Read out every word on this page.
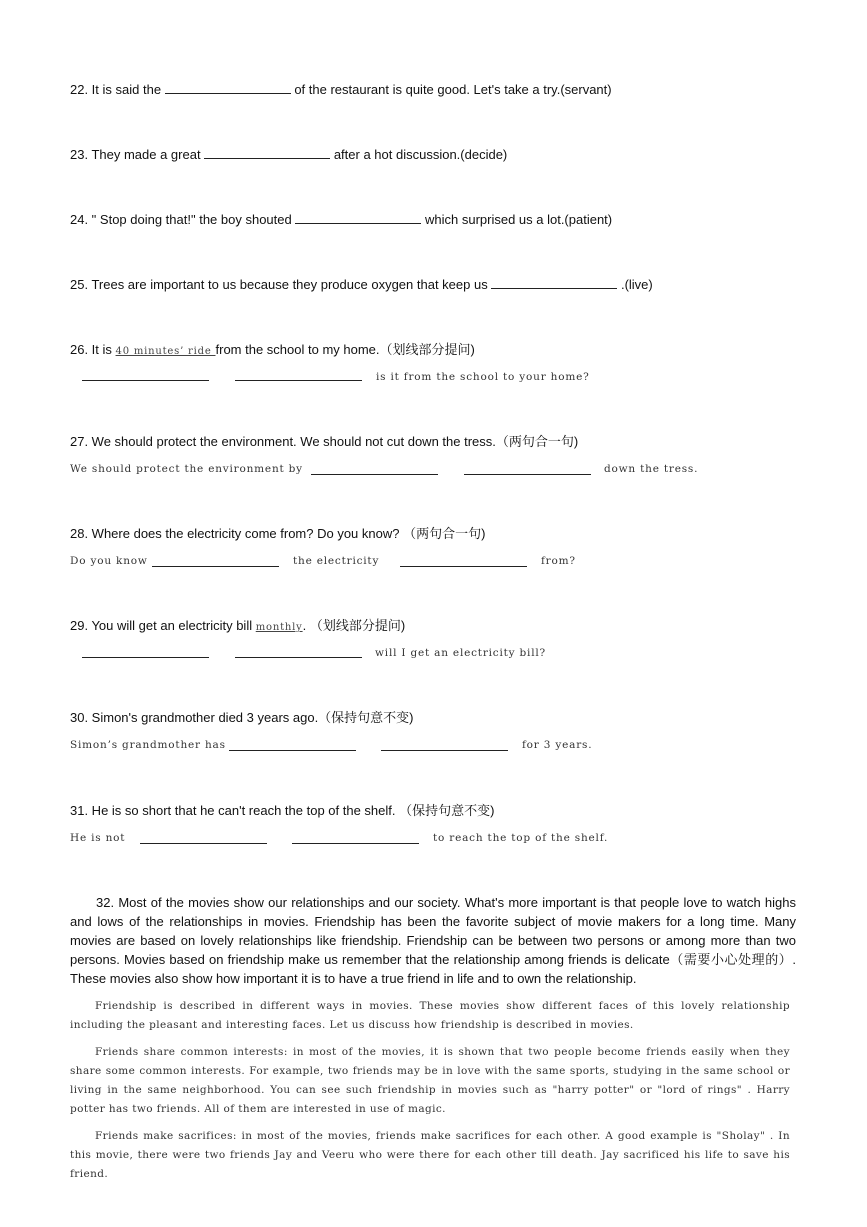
22. It is said the	of the restaurant is quite good. Let's take a try.(servant)
23. They made a great	after a hot discussion.(decide)
24. " Stop doing that!" the boy shouted	which surprised us a lot.(patient)
25. Trees are important to us because they produce oxygen that keep us	.(live)
26. It is 40 minutes’ ride from the school to my home.（划线部分提问)
is it from the school to your home?
27. We should protect the environment. We should not cut down the tress.（两句合一句)
We should protect the environment by	down the tress.
28. Where does the electricity come from? Do you know? （两句合一句)
Do you know	the electricity	from?
29. You will get an electricity bill monthly. （划线部分提问)
will I get an electricity bill?
30. Simon's grandmother died 3 years ago.（保持句意不变)
Simon’s grandmother has	for 3 years.
31. He is so short that he can't reach the top of the shelf. （保持句意不变)
He is not	to reach the top of the shelf.
32. Most of the movies show our relationships and our society. What's more important is that people love to watch highs and lows of the relationships in movies. Friendship has been the favorite subject of movie makers for a long time. Many movies are based on lovely relationships like friendship. Friendship can be between two persons or among more than two persons. Movies based on friendship make us remember that the relationship among friends is delicate（需要小心处理的）. These movies also show how important it is to have a true friend in life and to own the relationship.
Friendship is described in different ways in movies. These movies show different faces of this lovely relationship including the pleasant and interesting faces. Let us discuss how friendship is described in movies.
Friends share common interests: in most of the movies, it is shown that two people become friends easily when they share some common interests. For example, two friends may be in love with the same sports, studying in the same school or living in the same neighborhood. You can see such friendship in movies such as "harry potter" or "lord of rings" . Harry potter has two friends. All of them are interested in use of magic.
Friends make sacrifices: in most of the movies, friends make sacrifices for each other. A good example is "Sholay" . In this movie, there were two friends Jay and Veeru who were there for each other till death. Jay sacrificed his life to save his friend.
